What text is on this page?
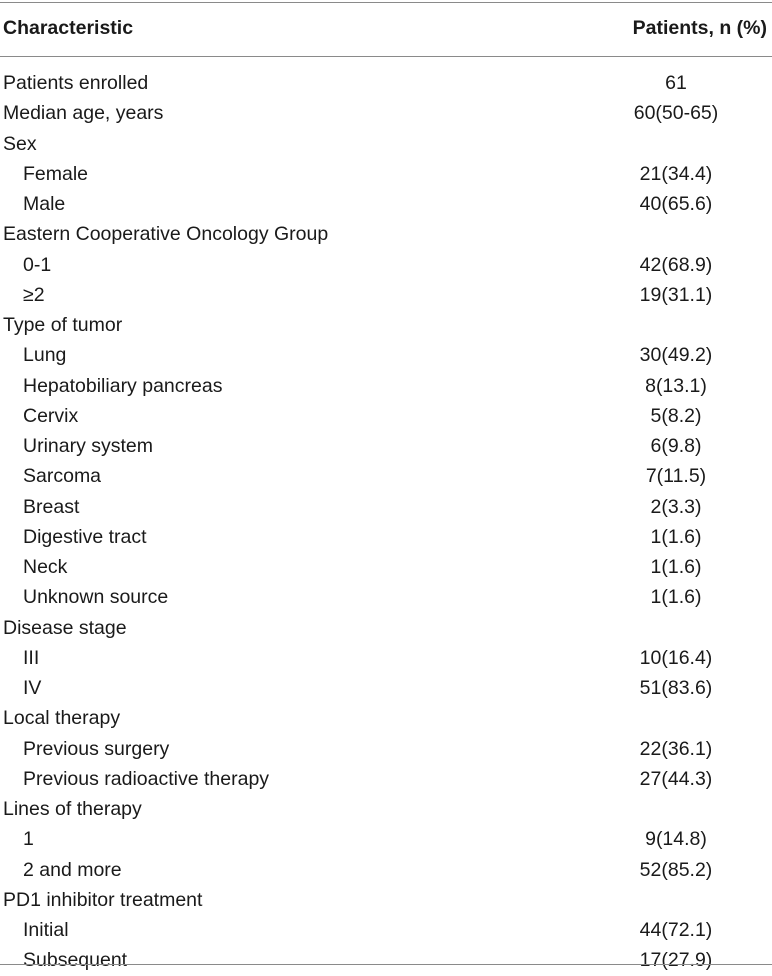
Characteristic	Patients, n (%)
Patients enrolled	61
Median age, years	60(50-65)
Sex
Female	21(34.4)
Male	40(65.6)
Eastern Cooperative Oncology Group
0-1	42(68.9)
≥2	19(31.1)
Type of tumor
Lung	30(49.2)
Hepatobiliary pancreas	8(13.1)
Cervix	5(8.2)
Urinary system	6(9.8)
Sarcoma	7(11.5)
Breast	2(3.3)
Digestive tract	1(1.6)
Neck	1(1.6)
Unknown source	1(1.6)
Disease stage
III	10(16.4)
IV	51(83.6)
Local therapy
Previous surgery	22(36.1)
Previous radioactive therapy	27(44.3)
Lines of therapy
1	9(14.8)
2 and more	52(85.2)
PD1 inhibitor treatment
Initial	44(72.1)
Subsequent	17(27.9)
